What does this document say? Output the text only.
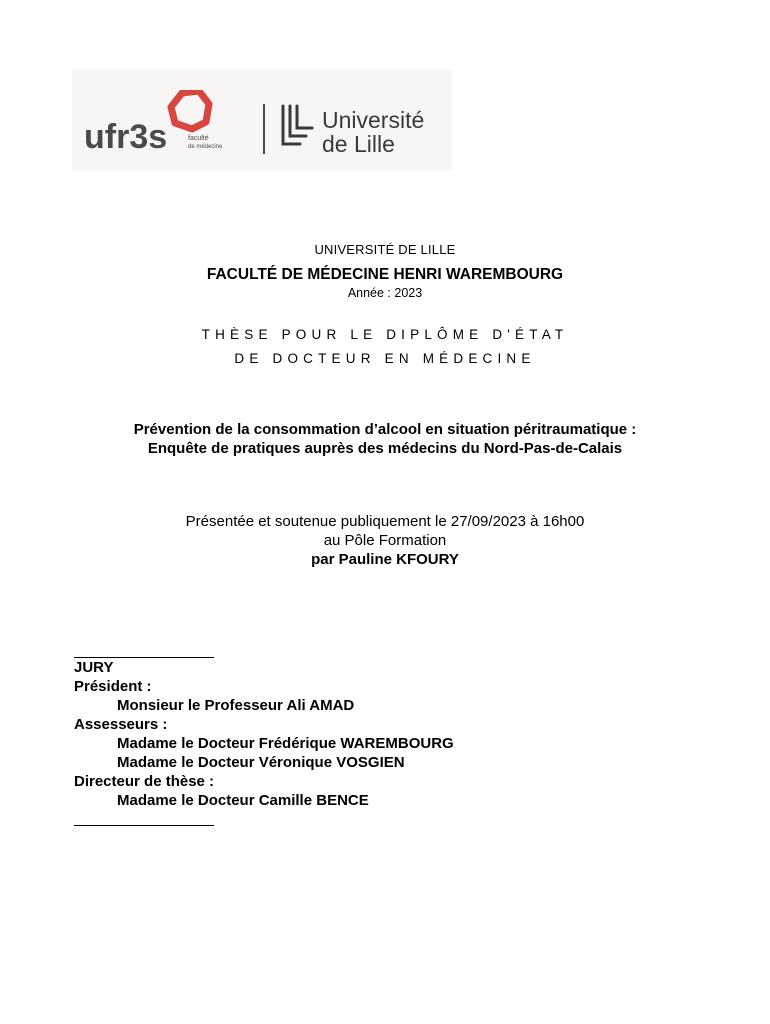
ufr3s	faculté
de médecine
Université
de Lille
UNIVERSITÉ DE LILLE
FACULTÉ DE MÉDECINE HENRI WAREMBOURG
Année : 2023
THÈSE POUR LE DIPLÔME D'ÉTAT
DE DOCTEUR EN MÉDECINE
Prévention de la consommation d’alcool en situation péritraumatique :
Enquête de pratiques auprès des médecins du Nord-Pas-de-Calais
Présentée et soutenue publiquement le 27/09/2023 à 16h00
au Pôle Formation
par Pauline KFOURY
JURY
Président :
Monsieur le Professeur Ali AMAD
Assesseurs :
Madame le Docteur Frédérique WAREMBOURG
Madame le Docteur Véronique VOSGIEN
Directeur de thèse :
Madame le Docteur Camille BENCE
